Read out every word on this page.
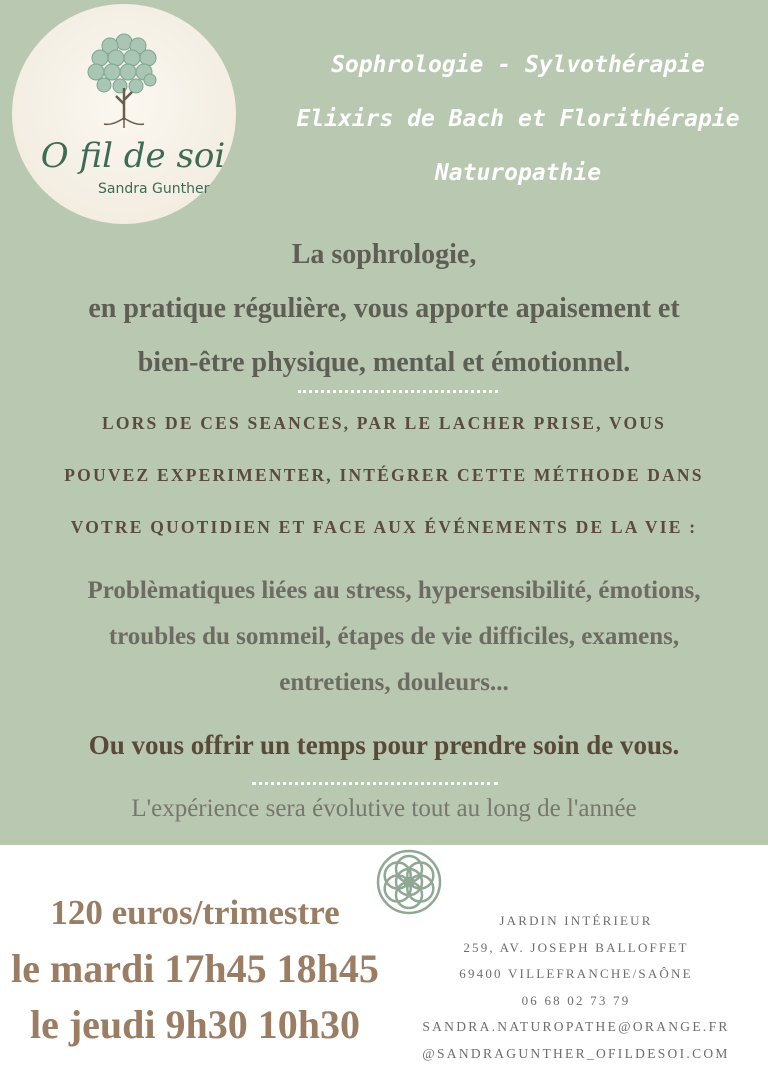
O fil de soi
Sandra Gunther
Sophrologie - Sylvothérapie
Elixirs de Bach et Florithérapie
Naturopathie
La sophrologie,
en pratique régulière, vous apporte apaisement et
bien-être physique, mental et émotionnel.
LORS DE CES SEANCES, PAR LE LACHER PRISE, VOUS
POUVEZ EXPERIMENTER, INTÉGRER CETTE MÉTHODE DANS
VOTRE QUOTIDIEN ET FACE AUX ÉVÉNEMENTS DE LA VIE :
Problèmatiques liées au stress, hypersensibilité, émotions,
troubles du sommeil, étapes de vie difficiles, examens,
entretiens, douleurs...
Ou vous offrir un temps pour prendre soin de vous.
L'expérience sera évolutive tout au long de l'année
120 euros/trimestre
le mardi 17h45 18h45
le jeudi 9h30 10h30
JARDIN INTÉRIEUR
259, AV. JOSEPH BALLOFFET
69400 VILLEFRANCHE/SAÔNE
06 68 02 73 79
SANDRA.NATUROPATHE@ORANGE.FR
@SANDRAGUNTHER_OFILDESOI.COM
